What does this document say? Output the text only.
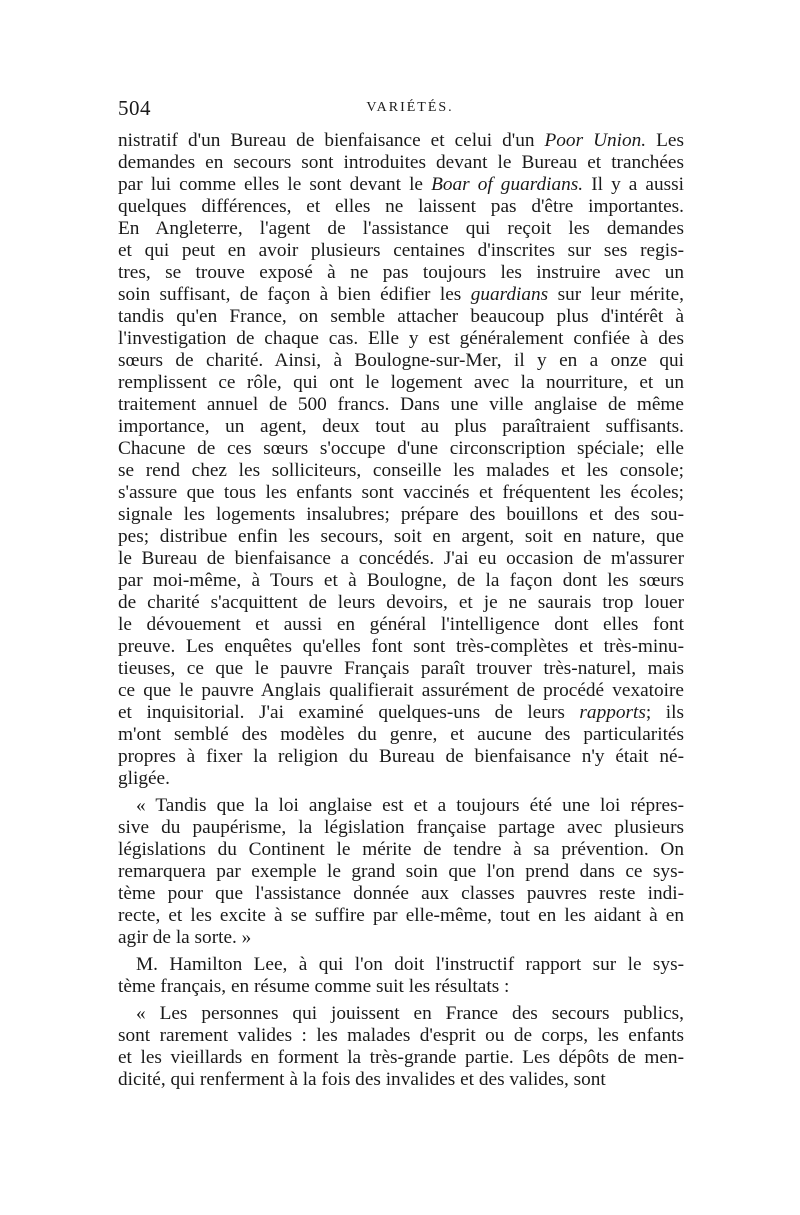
504	VARIÉTÉS.
nistratif d'un Bureau de bienfaisance et celui d'un Poor Union. Les
demandes en secours sont introduites devant le Bureau et tranchées
par lui comme elles le sont devant le Boar of guardians. Il y a aussi
quelques différences, et elles ne laissent pas d'être importantes.
En Angleterre, l'agent de l'assistance qui reçoit les demandes
et qui peut en avoir plusieurs centaines d'inscrites sur ses regis-
tres, se trouve exposé à ne pas toujours les instruire avec un
soin suffisant, de façon à bien édifier les guardians sur leur mérite,
tandis qu'en France, on semble attacher beaucoup plus d'intérêt à
l'investigation de chaque cas. Elle y est généralement confiée à des
sœurs de charité. Ainsi, à Boulogne-sur-Mer, il y en a onze qui
remplissent ce rôle, qui ont le logement avec la nourriture, et un
traitement annuel de 500 francs. Dans une ville anglaise de même
importance, un agent, deux tout au plus paraîtraient suffisants.
Chacune de ces sœurs s'occupe d'une circonscription spéciale; elle
se rend chez les solliciteurs, conseille les malades et les console;
s'assure que tous les enfants sont vaccinés et fréquentent les écoles;
signale les logements insalubres; prépare des bouillons et des sou-
pes; distribue enfin les secours, soit en argent, soit en nature, que
le Bureau de bienfaisance a concédés. J'ai eu occasion de m'assurer
par moi-même, à Tours et à Boulogne, de la façon dont les sœurs
de charité s'acquittent de leurs devoirs, et je ne saurais trop louer
le dévouement et aussi en général l'intelligence dont elles font
preuve. Les enquêtes qu'elles font sont très-complètes et très-minu-
tieuses, ce que le pauvre Français paraît trouver très-naturel, mais
ce que le pauvre Anglais qualifierait assurément de procédé vexatoire
et inquisitorial. J'ai examiné quelques-uns de leurs rapports; ils
m'ont semblé des modèles du genre, et aucune des particularités
propres à fixer la religion du Bureau de bienfaisance n'y était né-
gligée.
« Tandis que la loi anglaise est et a toujours été une loi répres-
sive du paupérisme, la législation française partage avec plusieurs
législations du Continent le mérite de tendre à sa prévention. On
remarquera par exemple le grand soin que l'on prend dans ce sys-
tème pour que l'assistance donnée aux classes pauvres reste indi-
recte, et les excite à se suffire par elle-même, tout en les aidant à en
agir de la sorte. »
M. Hamilton Lee, à qui l'on doit l'instructif rapport sur le sys-
tème français, en résume comme suit les résultats :
« Les personnes qui jouissent en France des secours publics,
sont rarement valides : les malades d'esprit ou de corps, les enfants
et les vieillards en forment la très-grande partie. Les dépôts de men-
dicité, qui renferment à la fois des invalides et des valides, sont
